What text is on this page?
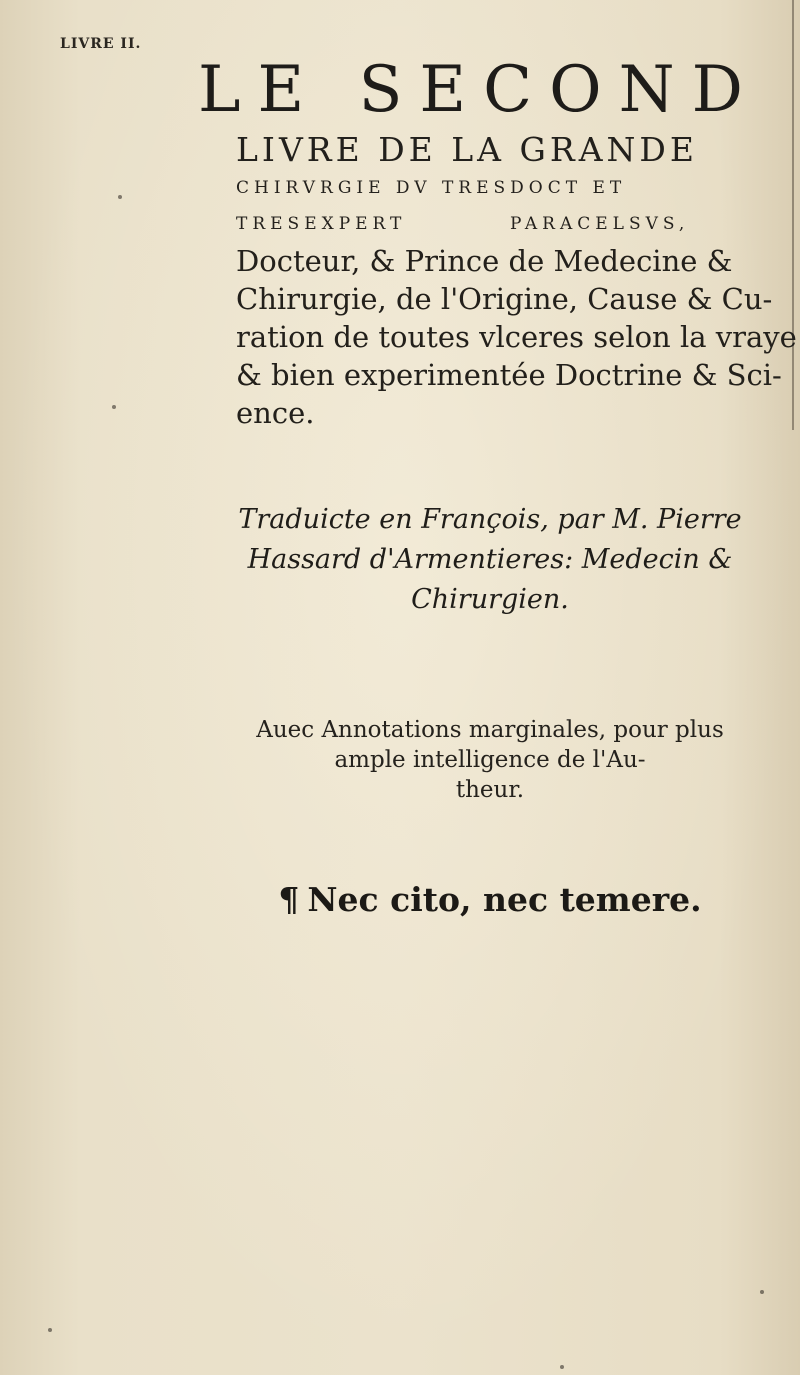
LIVRE II.
LE SECOND
LIVRE DE LA GRANDE
CHIRVRGIE DV TRESDOCT ET
TRESEXPERT	PARACELSVS,
Docteur, & Prince de Medecine &
Chirurgie, de l'Origine, Cause & Cu-
ration de toutes vlceres selon la vraye
& bien experimentée Doctrine & Sci-
ence.
Traduicte en François, par M. Pierre
Hassard d'Armentieres: Medecin &
Chirurgien.
Auec Annotations marginales, pour plus
ample intelligence de l'Au-
theur.
¶ Nec cito, nec temere.
